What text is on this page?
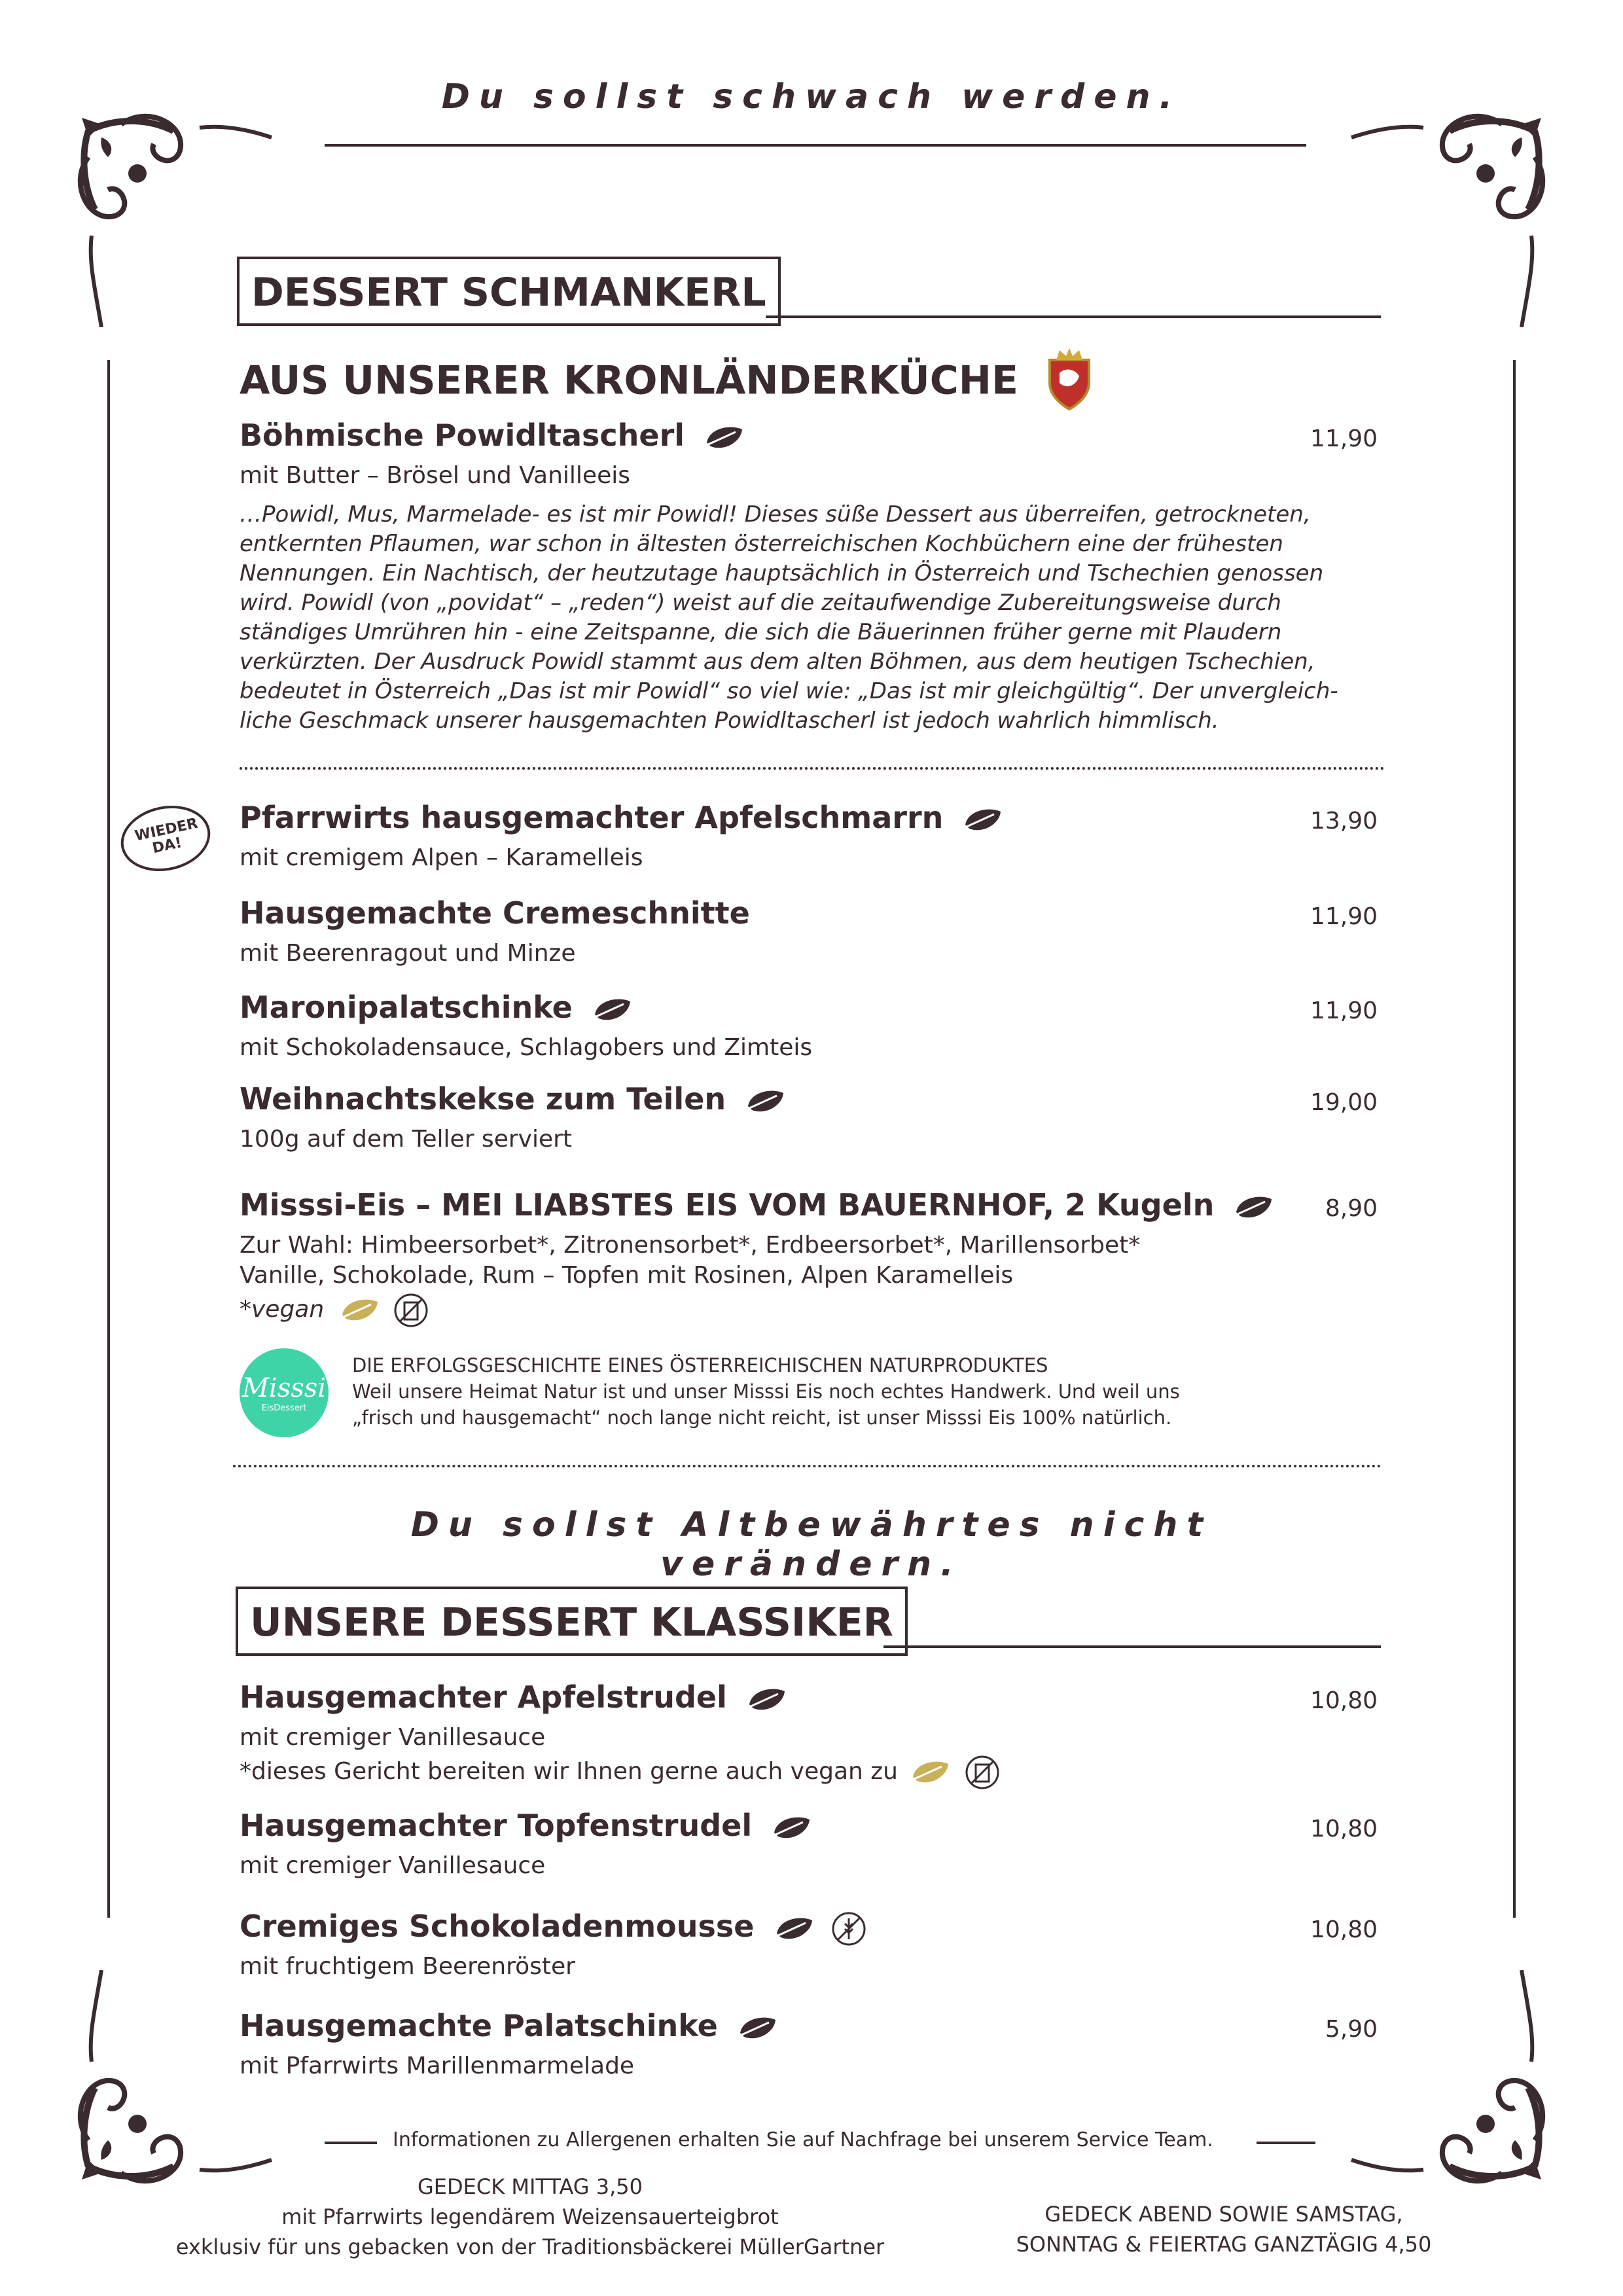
Du sollst schwach werden.
DESSERT SCHMANKERL
AUS UNSERER KRONLÄNDERKÜCHE
Böhmische Powidltascherl	11,90
mit Butter – Brösel und Vanilleeis
…Powidl, Mus, Marmelade- es ist mir Powidl! Dieses süße Dessert aus überreifen, getrockneten,
entkernten Pflaumen, war schon in ältesten österreichischen Kochbüchern eine der frühesten
Nennungen. Ein Nachtisch, der heutzutage hauptsächlich in Österreich und Tschechien genossen
wird. Powidl (von „povidat“ – „reden“) weist auf die zeitaufwendige Zubereitungsweise durch
ständiges Umrühren hin - eine Zeitspanne, die sich die Bäuerinnen früher gerne mit Plaudern
verkürzten. Der Ausdruck Powidl stammt aus dem alten Böhmen, aus dem heutigen Tschechien,
bedeutet in Österreich „Das ist mir Powidl“ so viel wie: „Das ist mir gleichgültig“. Der unvergleich-
liche Geschmack unserer hausgemachten Powidltascherl ist jedoch wahrlich himmlisch.
WIEDER DA!
Pfarrwirts hausgemachter Apfelschmarrn	13,90
mit cremigem Alpen – Karamelleis
Hausgemachte Cremeschnitte	11,90
mit Beerenragout und Minze
Maronipalatschinke	11,90
mit Schokoladensauce, Schlagobers und Zimteis
Weihnachtskekse zum Teilen	19,00
100g auf dem Teller serviert
Misssi-Eis – MEI LIABSTES EIS VOM BAUERNHOF, 2 Kugeln	8,90
Zur Wahl: Himbeersorbet*, Zitronensorbet*, Erdbeersorbet*, Marillensorbet*
Vanille, Schokolade, Rum – Topfen mit Rosinen, Alpen Karamelleis
*vegan
Misssi
EisDessert
DIE ERFOLGSGESCHICHTE EINES ÖSTERREICHISCHEN NATURPRODUKTES
Weil unsere Heimat Natur ist und unser Misssi Eis noch echtes Handwerk. Und weil uns
„frisch und hausgemacht“ noch lange nicht reicht, ist unser Misssi Eis 100% natürlich.
Du sollst Altbewährtes nicht verändern.
UNSERE DESSERT KLASSIKER
Hausgemachter Apfelstrudel	10,80
mit cremiger Vanillesauce
*dieses Gericht bereiten wir Ihnen gerne auch vegan zu
Hausgemachter Topfenstrudel	10,80
mit cremiger Vanillesauce
Cremiges Schokoladenmousse	10,80
mit fruchtigem Beerenröster
Hausgemachte Palatschinke	5,90
mit Pfarrwirts Marillenmarmelade
Informationen zu Allergenen erhalten Sie auf Nachfrage bei unserem Service Team.
GEDECK MITTAG 3,50
mit Pfarrwirts legendärem Weizensauerteigbrot
exklusiv für uns gebacken von der Traditionsbäckerei MüllerGartner
GEDECK ABEND SOWIE SAMSTAG,
SONNTAG & FEIERTAG GANZTÄGIG 4,50
